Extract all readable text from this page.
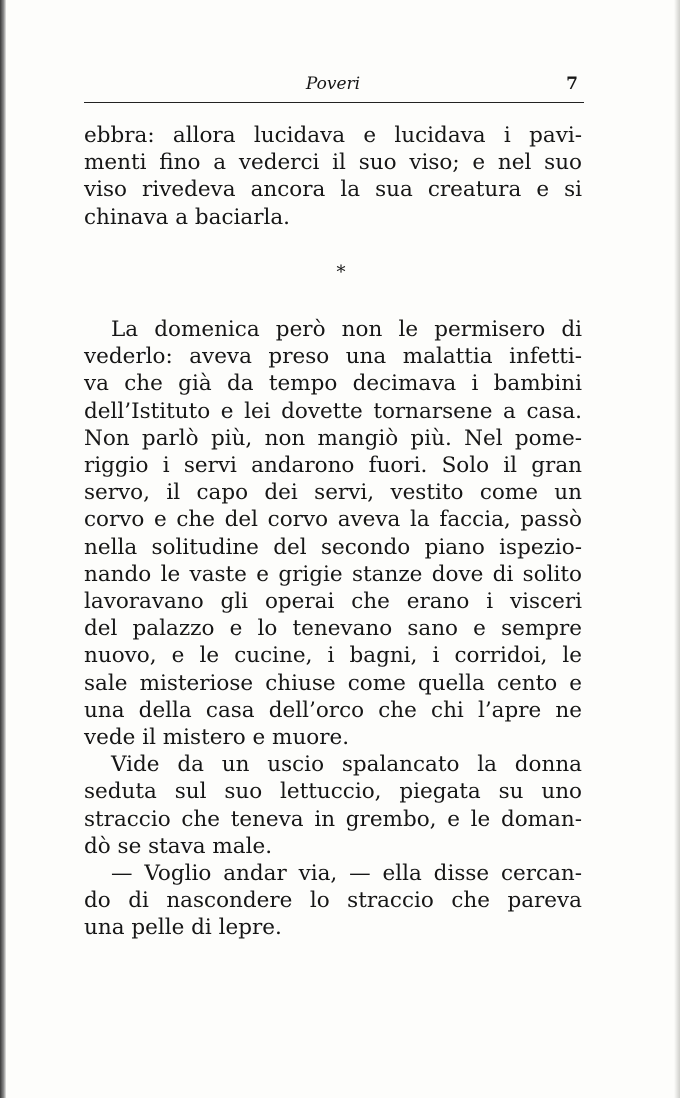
Poveri	7
ebbra: allora lucidava e lucidava i pavi-
menti fino a vederci il suo viso; e nel suo
viso rivedeva ancora la sua creatura e si
chinava a baciarla.
*
La domenica però non le permisero di
vederlo: aveva preso una malattia infetti-
va che già da tempo decimava i bambini
dell’Istituto e lei dovette tornarsene a casa.
Non parlò più, non mangiò più. Nel pome-
riggio i servi andarono fuori. Solo il gran
servo, il capo dei servi, vestito come un
corvo e che del corvo aveva la faccia, passò
nella solitudine del secondo piano ispezio-
nando le vaste e grigie stanze dove di solito
lavoravano gli operai che erano i visceri
del palazzo e lo tenevano sano e sempre
nuovo, e le cucine, i bagni, i corridoi, le
sale misteriose chiuse come quella cento e
una della casa dell’orco che chi l’apre ne
vede il mistero e muore.
Vide da un uscio spalancato la donna
seduta sul suo lettuccio, piegata su uno
straccio che teneva in grembo, e le doman-
dò se stava male.
— Voglio andar via, — ella disse cercan-
do di nascondere lo straccio che pareva
una pelle di lepre.
